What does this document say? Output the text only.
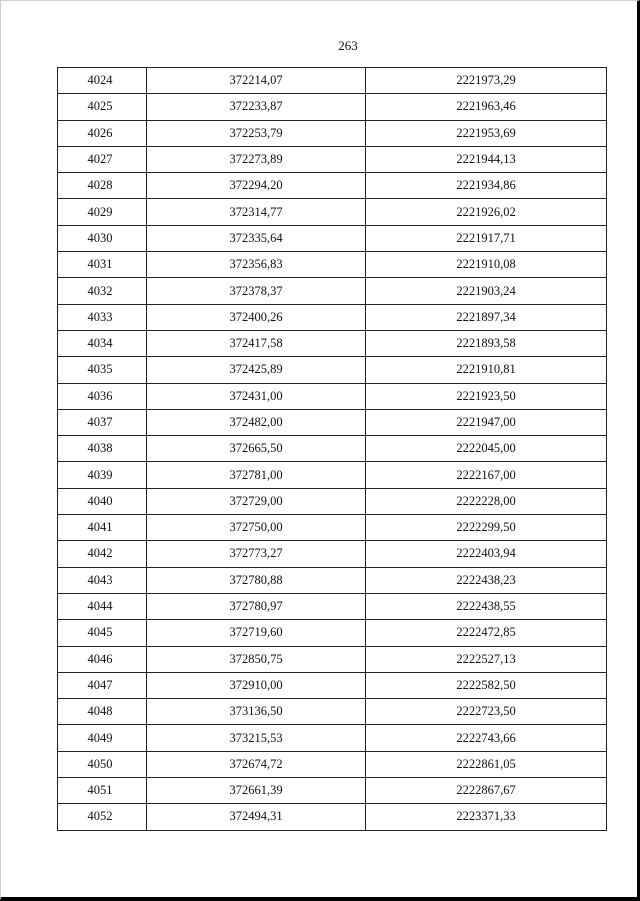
263
4024	372214,07	2221973,29
4025	372233,87	2221963,46
4026	372253,79	2221953,69
4027	372273,89	2221944,13
4028	372294,20	2221934,86
4029	372314,77	2221926,02
4030	372335,64	2221917,71
4031	372356,83	2221910,08
4032	372378,37	2221903,24
4033	372400,26	2221897,34
4034	372417,58	2221893,58
4035	372425,89	2221910,81
4036	372431,00	2221923,50
4037	372482,00	2221947,00
4038	372665,50	2222045,00
4039	372781,00	2222167,00
4040	372729,00	2222228,00
4041	372750,00	2222299,50
4042	372773,27	2222403,94
4043	372780,88	2222438,23
4044	372780,97	2222438,55
4045	372719,60	2222472,85
4046	372850,75	2222527,13
4047	372910,00	2222582,50
4048	373136,50	2222723,50
4049	373215,53	2222743,66
4050	372674,72	2222861,05
4051	372661,39	2222867,67
4052	372494,31	2223371,33
